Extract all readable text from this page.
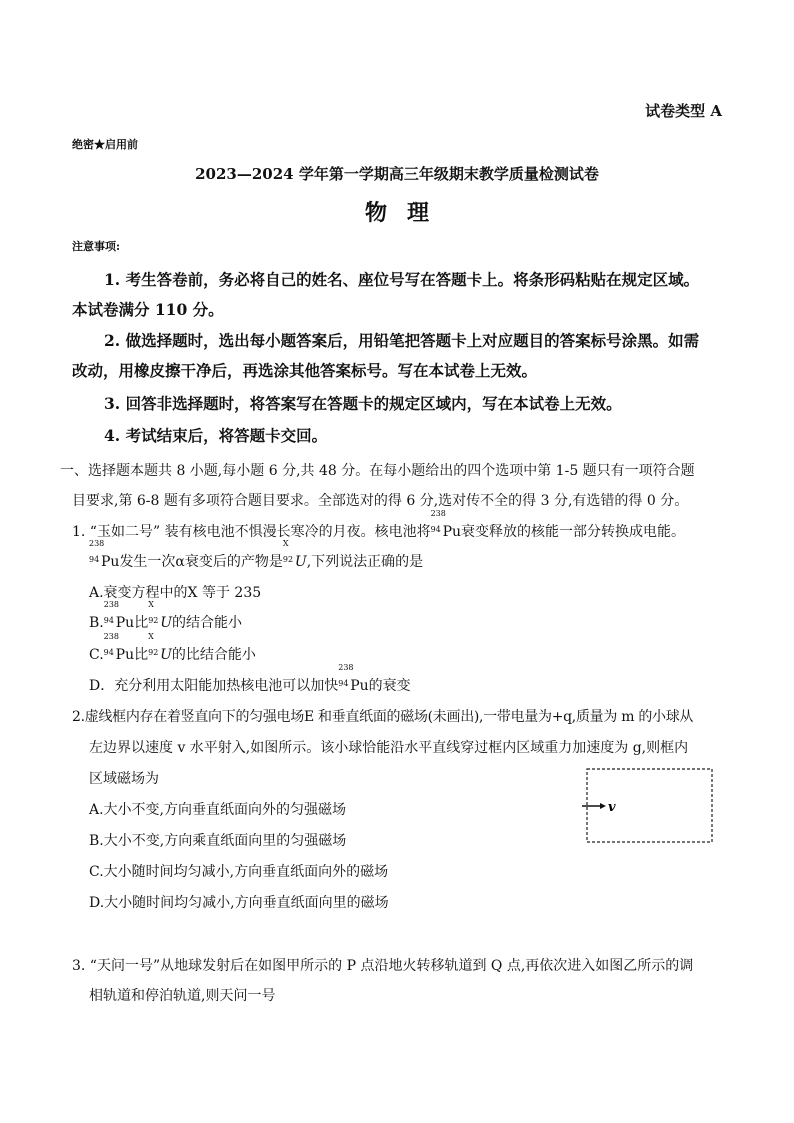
试卷类型 A
绝密★启用前
2023—2024 学年第一学期高三年级期末教学质量检测试卷
物理
注意事项:
1. 考生答卷前，务必将自己的姓名、座位号写在答题卡上。将条形码粘贴在规定区域。
本试卷满分 110 分。
2. 做选择题时，选出每小题答案后，用铅笔把答题卡上对应题目的答案标号涂黑。如需
改动，用橡皮擦干净后，再选涂其他答案标号。写在本试卷上无效。
3. 回答非选择题时，将答案写在答题卡的规定区域内，写在本试卷上无效。
4. 考试结束后，将答题卡交回。
一、选择题本题共 8 小题,每小题 6 分,共 48 分。在每小题给出的四个选项中第 1-5 题只有一项符合题
目要求,第 6-8 题有多项符合题目要求。全部选对的得 6 分,选对传不全的得 3 分,有选错的得 0 分。
1. “玉如二号” 装有核电池不惧漫长寒冷的月夜。核电池将
238
94 Pu衰变释放的核能一部分转换成电能。
238
94 Pu发生一次α衰变后的产物是
X
92 U,下列说法正确的是
A.衰变方程中的X 等于 235
B.
238
94 Pu比
X
92 U的结合能小
C.
238
94 Pu比
X
92 U的比结合能小
D．充分利用太阳能加热核电池可以加快
238
94 Pu的衰变
2.虚线框内存在着竖直向下的匀强电场E 和垂直纸面的磁场(未画出),一带电量为+q,质量为 m 的小球从
左边界以速度 v 水平射入,如图所示。该小球恰能沿水平直线穿过框内区域重力加速度为 g,则框内
区域磁场为
A.大小不变,方向垂直纸面向外的匀强磁场
B.大小不变,方向乘直纸面向里的匀强磁场
C.大小随时间均匀减小,方向垂直纸面向外的磁场
D.大小随时间均匀减小,方向垂直纸面向里的磁场
v
3. “天问一号”从地球发射后在如图甲所示的 P 点沿地火转移轨道到 Q 点,再依次进入如图乙所示的调
相轨道和停泊轨道,则天问一号
